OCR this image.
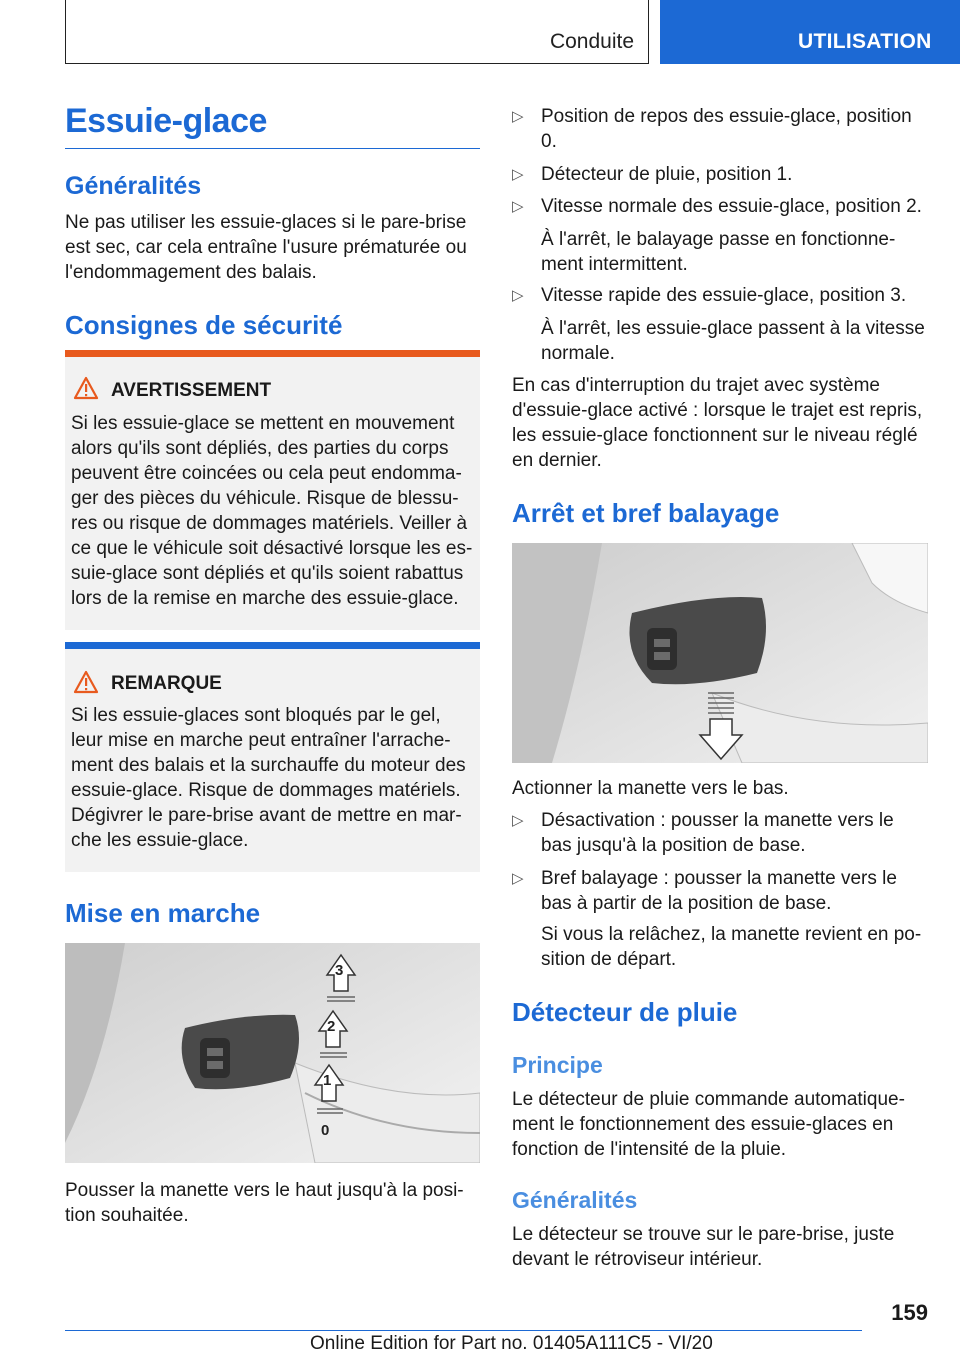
Conduite	UTILISATION
Essuie-glace
Généralités
Ne pas utiliser les essuie-glaces si le pare-brise est sec, car cela entraîne l'usure prématurée ou l'endommagement des balais.
Consignes de sécurité
AVERTISSEMENT
Si les essuie-glace se mettent en mouvement alors qu'ils sont dépliés, des parties du corps peuvent être coincées ou cela peut endommager des pièces du véhicule. Risque de blessures ou risque de dommages matériels. Veiller à ce que le véhicule soit désactivé lorsque les essuie-glace sont dépliés et qu'ils soient rabattus lors de la remise en marche des essuie-glace.
REMARQUE
Si les essuie-glaces sont bloqués par le gel, leur mise en marche peut entraîner l'arrachement des balais et la surchauffe du moteur des essuie-glace. Risque de dommages matériels. Dégivrer le pare-brise avant de mettre en marche les essuie-glace.
Mise en marche
3
2
1
0
Pousser la manette vers le haut jusqu'à la position souhaitée.
▷ Position de repos des essuie-glace, position 0.
▷ Détecteur de pluie, position 1.
▷ Vitesse normale des essuie-glace, position 2.
À l'arrêt, le balayage passe en fonctionnement intermittent.
▷ Vitesse rapide des essuie-glace, position 3.
À l'arrêt, les essuie-glace passent à la vitesse normale.
En cas d'interruption du trajet avec système d'essuie-glace activé : lorsque le trajet est repris, les essuie-glace fonctionnent sur le niveau réglé en dernier.
Arrêt et bref balayage
Actionner la manette vers le bas.
▷ Désactivation : pousser la manette vers le bas jusqu'à la position de base.
▷ Bref balayage : pousser la manette vers le bas à partir de la position de base.
Si vous la relâchez, la manette revient en position de départ.
Détecteur de pluie
Principe
Le détecteur de pluie commande automatiquement le fonctionnement des essuie-glaces en fonction de l'intensité de la pluie.
Généralités
Le détecteur se trouve sur le pare-brise, juste devant le rétroviseur intérieur.
159
Online Edition for Part no. 01405A111C5 - VI/20
